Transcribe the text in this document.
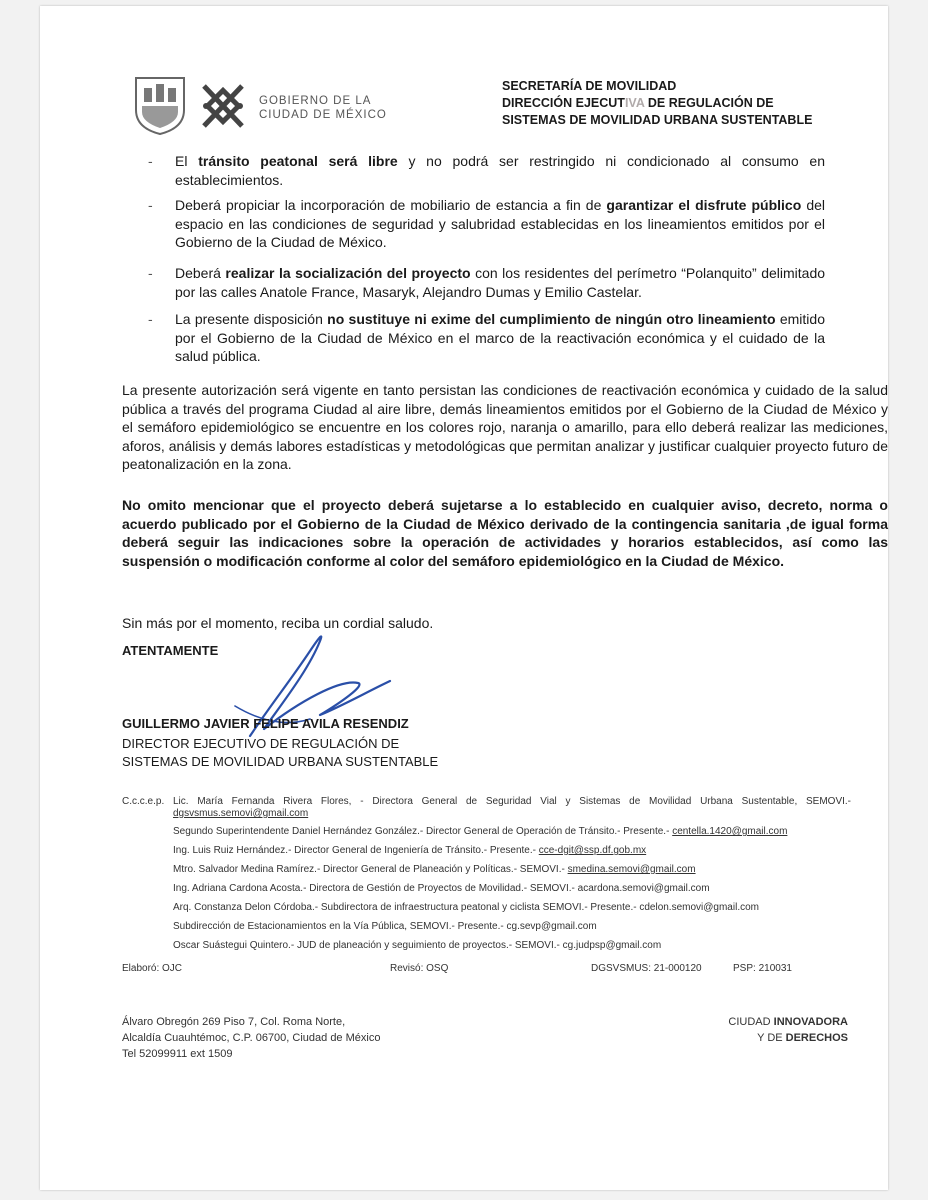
GOBIERNO DE LA
CIUDAD DE MÉXICO
SECRETARÍA DE MOVILIDAD
DIRECCIÓN EJECUTIVA DE REGULACIÓN DE
SISTEMAS DE MOVILIDAD URBANA SUSTENTABLE
-	El tránsito peatonal será libre y no podrá ser restringido ni condicionado al consumo en establecimientos.
-	Deberá propiciar la incorporación de mobiliario de estancia a fin de garantizar el disfrute público del espacio en las condiciones de seguridad y salubridad establecidas en los lineamientos emitidos por el Gobierno de la Ciudad de México.
-	Deberá realizar la socialización del proyecto con los residentes del perímetro “Polanquito” delimitado por las calles Anatole France, Masaryk, Alejandro Dumas y Emilio Castelar.
-	La presente disposición no sustituye ni exime del cumplimiento de ningún otro lineamiento emitido por el Gobierno de la Ciudad de México en el marco de la reactivación económica y el cuidado de la salud pública.
La presente autorización será vigente en tanto persistan las condiciones de reactivación económica y cuidado de la salud pública a través del programa Ciudad al aire libre, demás lineamientos emitidos por el Gobierno de la Ciudad de México y el semáforo epidemiológico se encuentre en los colores rojo, naranja o amarillo, para ello deberá realizar las mediciones, aforos, análisis y demás labores estadísticas y metodológicas que permitan analizar y justificar cualquier proyecto futuro de peatonalización en la zona.
No omito mencionar que el proyecto deberá sujetarse a lo establecido en cualquier aviso, decreto, norma o acuerdo publicado por el Gobierno de la Ciudad de México derivado de la contingencia sanitaria ,de igual forma deberá seguir las indicaciones sobre la operación de actividades y horarios establecidos, así como las suspensión o modificación conforme al color del semáforo epidemiológico en la Ciudad de México.
Sin más por el momento, reciba un cordial saludo.
ATENTAMENTE
GUILLERMO JAVIER FELIPE AVILA RESENDIZ
DIRECTOR EJECUTIVO DE REGULACIÓN DE
SISTEMAS DE MOVILIDAD URBANA SUSTENTABLE
C.c.c.e.p. Lic. María Fernanda Rivera Flores, - Directora General de Seguridad Vial y Sistemas de Movilidad Urbana Sustentable, SEMOVI.- dgsvsmus.semovi@gmail.com
Segundo Superintendente Daniel Hernández González.- Director General de Operación de Tránsito.- Presente.- centella.1420@gmail.com
Ing. Luis Ruiz Hernández.- Director General de Ingeniería de Tránsito.- Presente.- cce-dgit@ssp.df.gob.mx
Mtro. Salvador Medina Ramírez.- Director General de Planeación y Políticas.- SEMOVI.- smedina.semovi@gmail.com
Ing. Adriana Cardona Acosta.- Directora de Gestión de Proyectos de Movilidad.- SEMOVI.- acardona.semovi@gmail.com
Arq. Constanza Delon Córdoba.- Subdirectora de infraestructura peatonal y ciclista SEMOVI.- Presente.- cdelon.semovi@gmail.com
Subdirección de Estacionamientos en la Vía Pública, SEMOVI.- Presente.- cg.sevp@gmail.com
Oscar Suástegui Quintero.- JUD de planeación y seguimiento de proyectos.- SEMOVI.- cg.judpsp@gmail.com
Elaboró: OJC	Revisó: OSQ	DGSVSMUS: 21-000120	PSP: 210031
Álvaro Obregón 269 Piso 7, Col. Roma Norte,
Alcaldía Cuauhtémoc, C.P. 06700, Ciudad de México
Tel 52099911 ext 1509
CIUDAD INNOVADORA
Y DE DERECHOS
